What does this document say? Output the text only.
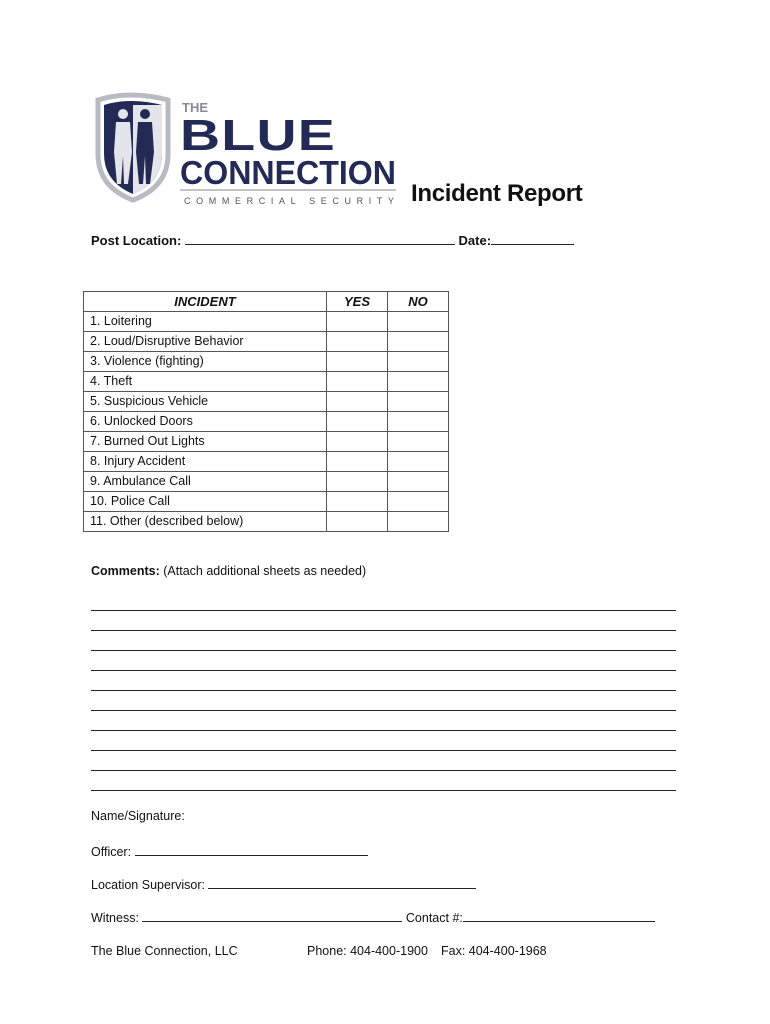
THE
BLUE
CONNECTION
COMMERCIAL SECURITY Incident Report
Post Location:	Date:
INCIDENT	YES	NO
1. Loitering		
2. Loud/Disruptive Behavior		
3. Violence (fighting)		
4. Theft		
5. Suspicious Vehicle		
6. Unlocked Doors		
7. Burned Out Lights		
8. Injury Accident		
9. Ambulance Call		
10. Police Call		
11. Other (described below)		
Comments: (Attach additional sheets as needed)
Name/Signature:
Officer:
Location Supervisor:
Witness:	Contact #:
The Blue Connection, LLC	Phone: 404-400-1900 Fax: 404-400-1968
